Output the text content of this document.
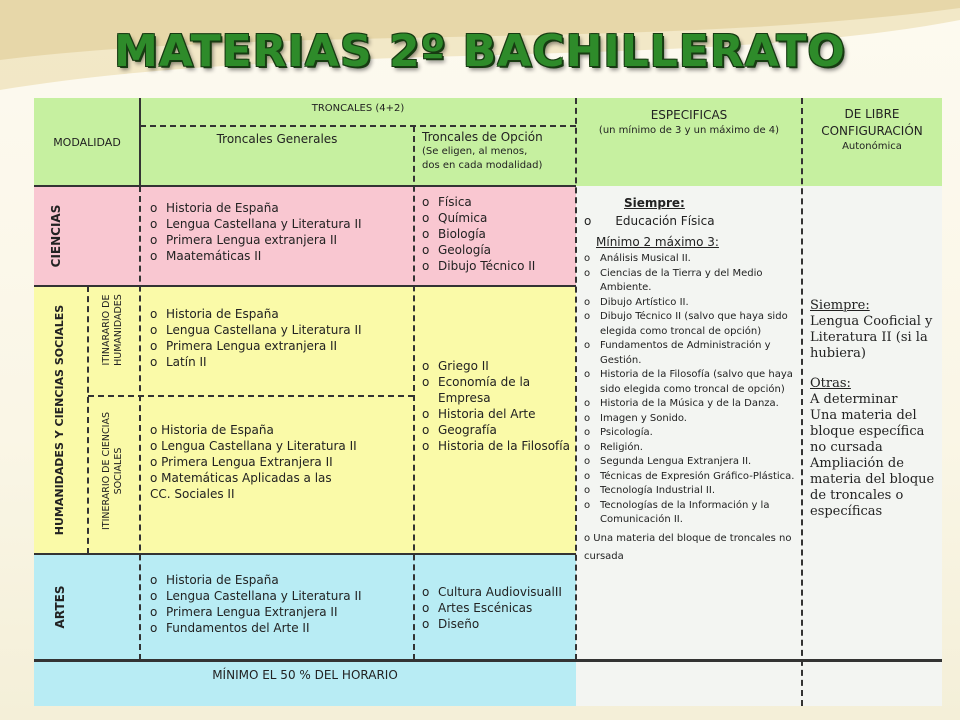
MATERIAS 2º BACHILLERATO
MODALIDAD
TRONCALES (4+2)
Troncales Generales	Troncales de Opción
(Se eligen, al menos,
dos en cada modalidad)
ESPECIFICAS
(un mínimo de 3 y un máximo de 4)
DE LIBRE
CONFIGURACIÓN
Autonómica
CIENCIAS
o	Historia de España
o Lengua Castellana y Literatura II
o Primera Lengua extranjera II
o Maatemáticas II
o Física
o Química
o Biología
o Geología
o Dibujo Técnico II
HUMANIDADES Y CIENCIAS SOCIALES	ITINARARIO DE HUMANIDADES
ITINERARIO DE CIENCIAS SOCIALES
o Historia de España
o Lengua Castellana y Literatura II
o Primera Lengua extranjera II
o Latín II
o Historia de España
o Lengua Castellana y Literatura II
o Primera Lengua Extranjera II
o Matemáticas Aplicadas a las
CC. Sociales II
o Griego II
o Economía de la Empresa
o Historia del Arte
o Geografía
o Historia de la Filosofía
ARTES
o Historia de España
o Lengua Castellana y Literatura II
o Primera Lengua Extranjera II
o Fundamentos del Arte II
o Cultura AudiovisualII
o Artes Escénicas
o Diseño
Siempre:
o Educación Física
Mínimo 2 máximo 3:
o Análisis Musical II.
o Ciencias de la Tierra y del Medio Ambiente.
o Dibujo Artístico II.
o Dibujo Técnico II (salvo que haya sido elegida como troncal de opción)
o Fundamentos de Administración y Gestión.
o Historia de la Filosofía (salvo que haya sido elegida como troncal de opción)
o Historia de la Música y de la Danza.
o Imagen y Sonido.
o Psicología.
o Religión.
o Segunda Lengua Extranjera II.
o Técnicas de Expresión Gráfico-Plástica.
o Tecnología Industrial II.
o Tecnologías de la Información y la Comunicación II.
o Una materia del bloque de troncales no cursada
Siempre:
Lengua Cooficial y Literatura II (si la hubiera)
Otras:
A determinar
Una materia del bloque específica no cursada
Ampliación de materia del bloque de troncales o específicas
MÍNIMO EL 50 % DEL HORARIO
